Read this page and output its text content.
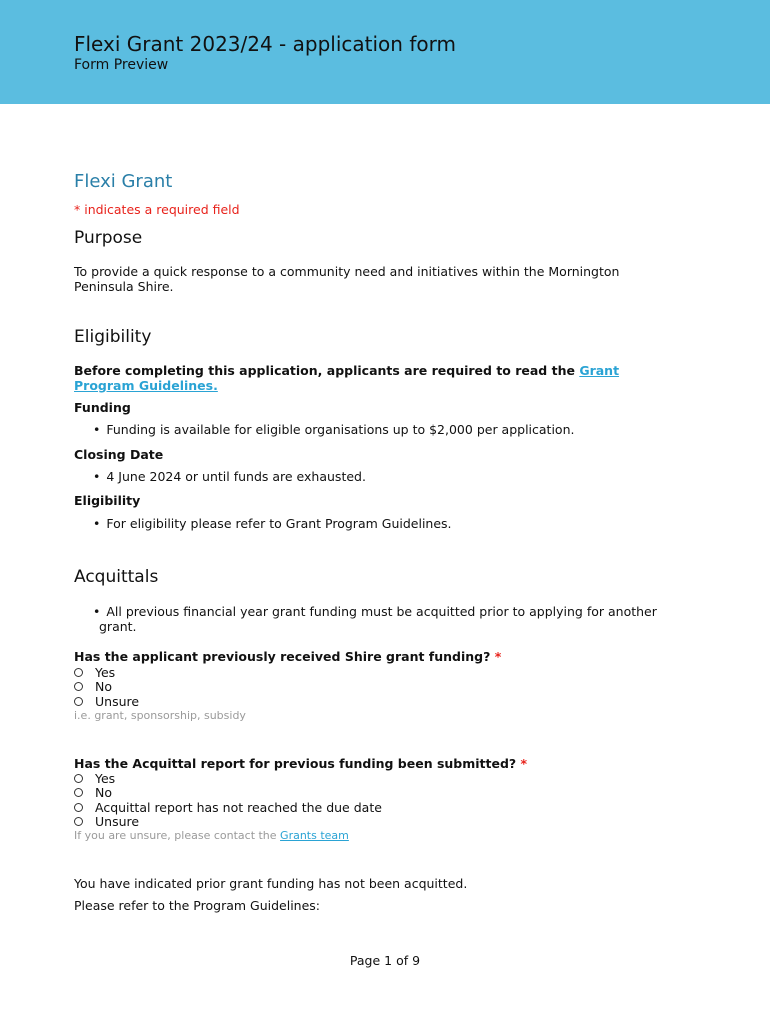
Flexi Grant 2023/24 - application form
Form Preview
Flexi Grant
* indicates a required field
Purpose
To provide a quick response to a community need and initiatives within the Mornington
Peninsula Shire.
Eligibility
Before completing this application, applicants are required to read the Grant
Program Guidelines.
Funding
• Funding is available for eligible organisations up to $2,000 per application.
Closing Date
• 4 June 2024 or until funds are exhausted.
Eligibility
• For eligibility please refer to Grant Program Guidelines.
Acquittals
• All previous financial year grant funding must be acquitted prior to applying for another
grant.
Has the applicant previously received Shire grant funding? *
Yes
No
Unsure
i.e. grant, sponsorship, subsidy
Has the Acquittal report for previous funding been submitted? *
Yes
No
Acquittal report has not reached the due date
Unsure
If you are unsure, please contact the Grants team
You have indicated prior grant funding has not been acquitted.
Please refer to the Program Guidelines:
Page 1 of 9
